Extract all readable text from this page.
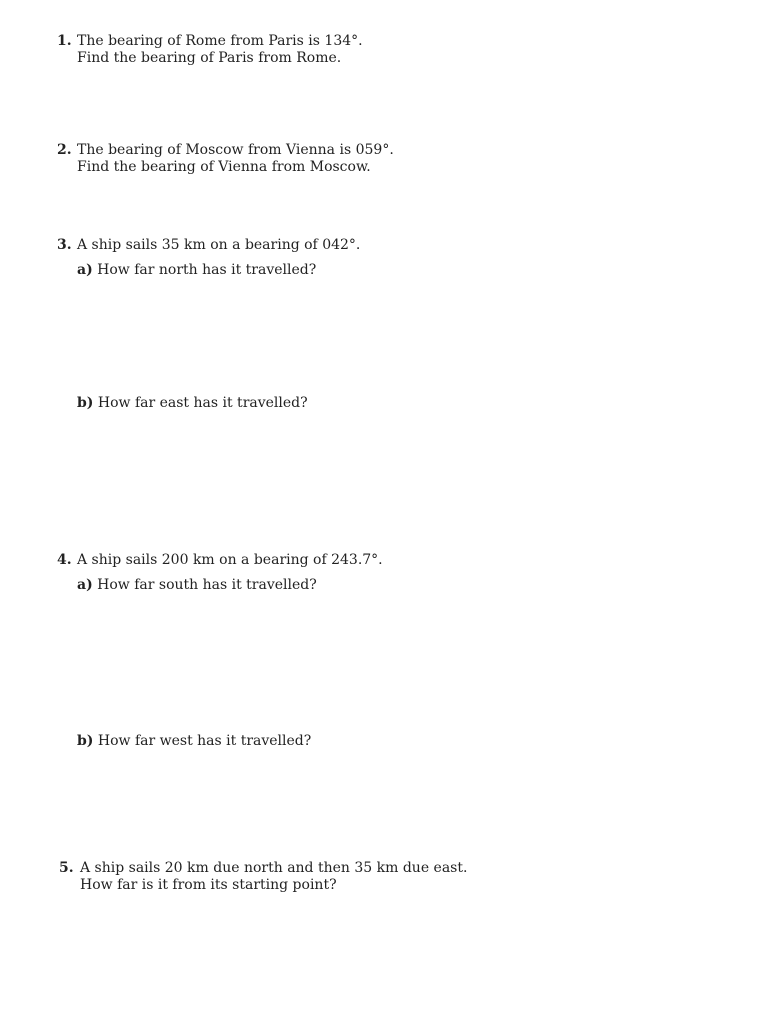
1. The bearing of Rome from Paris is 134°.
Find the bearing of Paris from Rome.
2. The bearing of Moscow from Vienna is 059°.
Find the bearing of Vienna from Moscow.
3. A ship sails 35 km on a bearing of 042°.
a) How far north has it travelled?
b) How far east has it travelled?
4. A ship sails 200 km on a bearing of 243.7°.
a) How far south has it travelled?
b) How far west has it travelled?
5. A ship sails 20 km due north and then 35 km due east.
How far is it from its starting point?
